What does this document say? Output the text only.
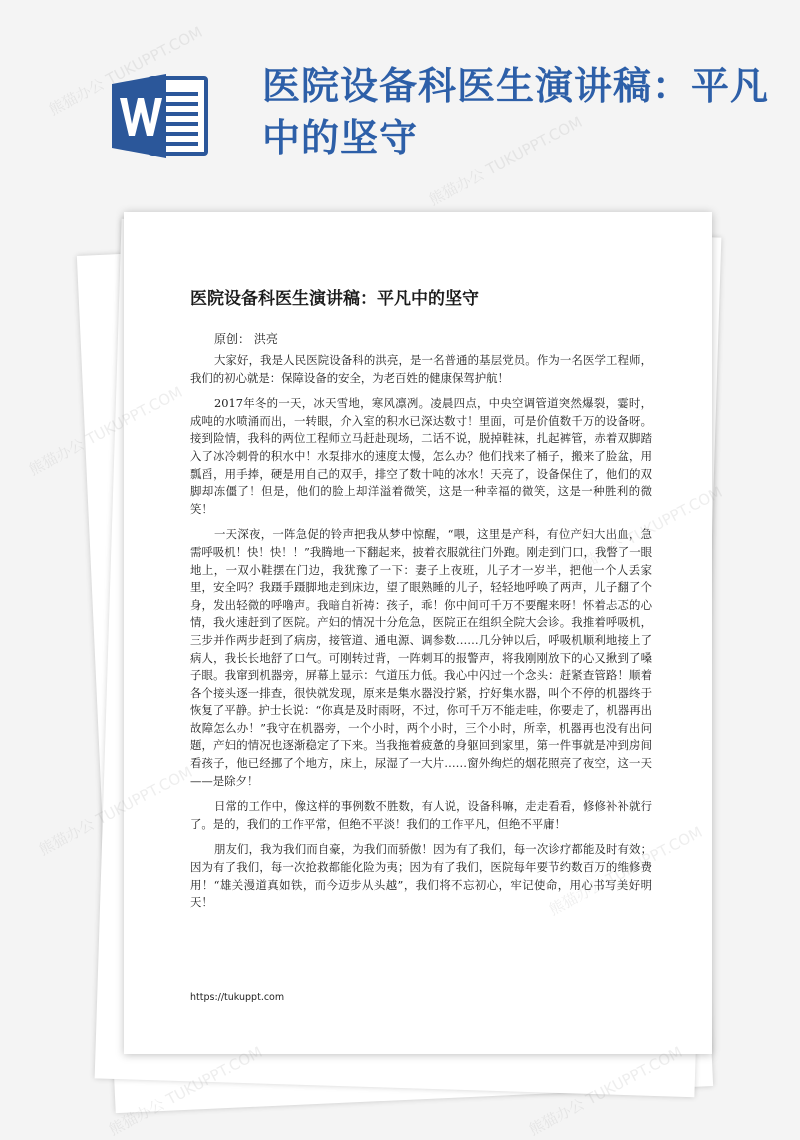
医院设备科医生演讲稿：平凡中的坚守
医院设备科医生演讲稿：平凡中的坚守
原创： 洪亮

大家好，我是人民医院设备科的洪亮，是一名普通的基层党员。作为一名医学工程师，我们的初心就是：保障设备的安全，为老百姓的健康保驾护航！

2017年冬的一天，冰天雪地，寒风凛冽。凌晨四点，中央空调管道突然爆裂，霎时，成吨的水喷涌而出，一转眼，介入室的积水已深达数寸！里面，可是价值数千万的设备呀。接到险情，我科的两位工程师立马赶赴现场，二话不说，脱掉鞋袜，扎起裤管，赤着双脚踏入了冰冷刺骨的积水中！水泵排水的速度太慢，怎么办？他们找来了桶子，搬来了脸盆，用瓢舀，用手捧，硬是用自己的双手，排空了数十吨的冰水！天亮了，设备保住了，他们的双脚却冻僵了！但是，他们的脸上却洋溢着微笑，这是一种幸福的微笑，这是一种胜利的微笑！

一天深夜，一阵急促的铃声把我从梦中惊醒，“喂，这里是产科，有位产妇大出血，急需呼吸机！快！快！！”我腾地一下翻起来，披着衣服就往门外跑。刚走到门口，我瞥了一眼地上，一双小鞋摆在门边，我犹豫了一下：妻子上夜班，儿子才一岁半，把他一个人丢家里，安全吗？我蹑手蹑脚地走到床边，望了眼熟睡的儿子，轻轻地呼唤了两声，儿子翻了个身，发出轻微的呼噜声。我暗自祈祷：孩子，乖！你中间可千万不要醒来呀！怀着忐忑的心情，我火速赶到了医院。产妇的情况十分危急，医院正在组织全院大会诊。我推着呼吸机，三步并作两步赶到了病房，接管道、通电源、调参数……几分钟以后，呼吸机顺利地接上了病人，我长长地舒了口气。可刚转过背，一阵刺耳的报警声，将我刚刚放下的心又揪到了嗓子眼。我窜到机器旁，屏幕上显示：气道压力低。我心中闪过一个念头：赶紧查管路！顺着各个接头逐一排查，很快就发现，原来是集水器没拧紧，拧好集水器，叫个不停的机器终于恢复了平静。护士长说：“你真是及时雨呀，不过，你可千万不能走哇，你要走了，机器再出故障怎么办！”我守在机器旁，一个小时，两个小时，三个小时，所幸，机器再也没有出问题，产妇的情况也逐渐稳定了下来。当我拖着疲惫的身躯回到家里，第一件事就是冲到房间看孩子，他已经挪了个地方，床上，尿湿了一大片……窗外绚烂的烟花照亮了夜空，这一天——是除夕！

日常的工作中，像这样的事例数不胜数，有人说，设备科嘛，走走看看，修修补补就行了。是的，我们的工作平常，但绝不平淡！我们的工作平凡，但绝不平庸！

朋友们，我为我们而自豪，为我们而骄傲！因为有了我们，每一次诊疗都能及时有效；因为有了我们，每一次抢救都能化险为夷；因为有了我们，医院每年要节约数百万的维修费用！“雄关漫道真如铁，而今迈步从头越”，我们将不忘初心，牢记使命，用心书写美好明天！

https://tukuppt.com
熊猫办公 TUKUPPT.COM
熊猫办公 TUKUPPT.COM
熊猫办公
熊猫办公
